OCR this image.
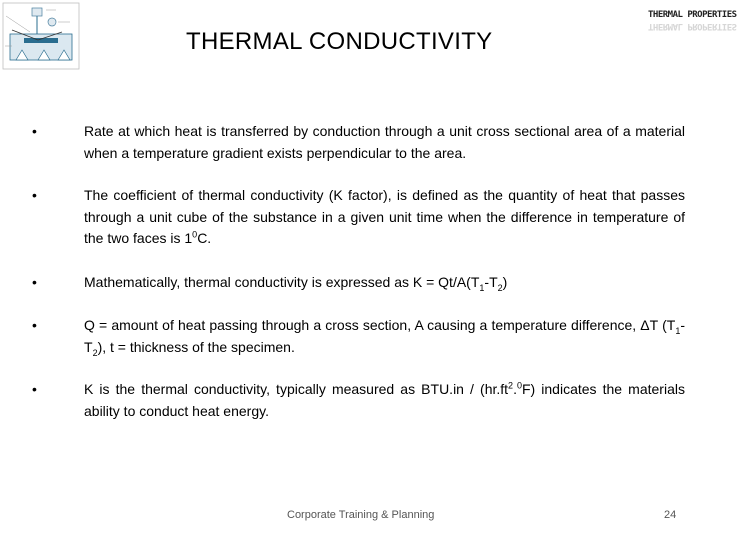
THERMAL PROPERTIES
THERMAL PROPERTIES
THERMAL CONDUCTIVITY
•	Rate at which heat is transferred by conduction through a unit cross sectional area of a material when a temperature gradient exists perpendicular to the area.
•	The coefficient of thermal conductivity (K factor), is defined as the quantity of heat that passes through a unit cube of the substance in a given unit time when the difference in temperature of the two faces is $1^0C$.
•	Mathematically, thermal conductivity is expressed as $K = Qt/A(T_1-T_2)$
•	Q = amount of heat passing through a cross section, A causing a temperature difference, ΔT $(T_1-T_2)$, t = thickness of the specimen.
•	K is the thermal conductivity, typically measured as $BTU.in / (hr.ft^2.^0F)$ indicates the materials ability to conduct heat energy.
Corporate Training & Planning	24
